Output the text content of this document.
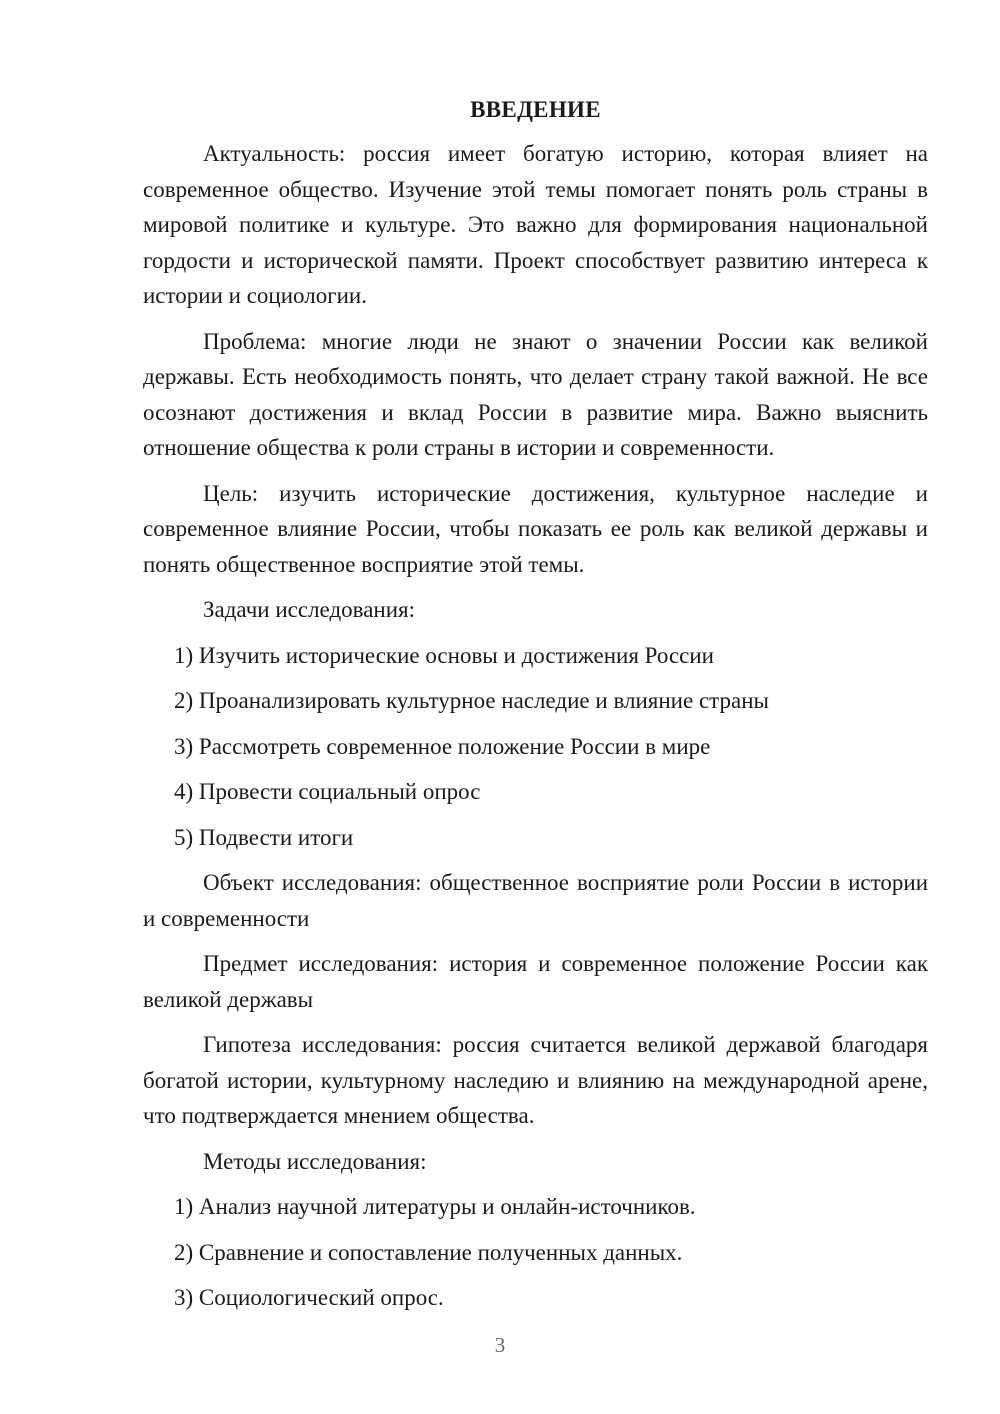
ВВЕДЕНИЕ

Актуальность: россия имеет богатую историю, которая влияет на современное общество. Изучение этой темы помогает понять роль страны в мировой политике и культуре. Это важно для формирования национальной гордости и исторической памяти. Проект способствует развитию интереса к истории и социологии.

Проблема: многие люди не знают о значении России как великой державы. Есть необходимость понять, что делает страну такой важной. Не все осознают достижения и вклад России в развитие мира. Важно выяснить отношение общества к роли страны в истории и современности.

Цель: изучить исторические достижения, культурное наследие и современное влияние России, чтобы показать ее роль как великой державы и понять общественное восприятие этой темы.

Задачи исследования:
1) Изучить исторические основы и достижения России
2) Проанализировать культурное наследие и влияние страны
3) Рассмотреть современное положение России в мире
4) Провести социальный опрос
5) Подвести итоги

Объект исследования: общественное восприятие роли России в истории и современности

Предмет исследования: история и современное положение России как великой державы

Гипотеза исследования: россия считается великой державой благодаря богатой истории, культурному наследию и влиянию на международной арене, что подтверждается мнением общества.

Методы исследования:
1) Анализ научной литературы и онлайн-источников.
2) Сравнение и сопоставление полученных данных.
3) Социологический опрос.
3
